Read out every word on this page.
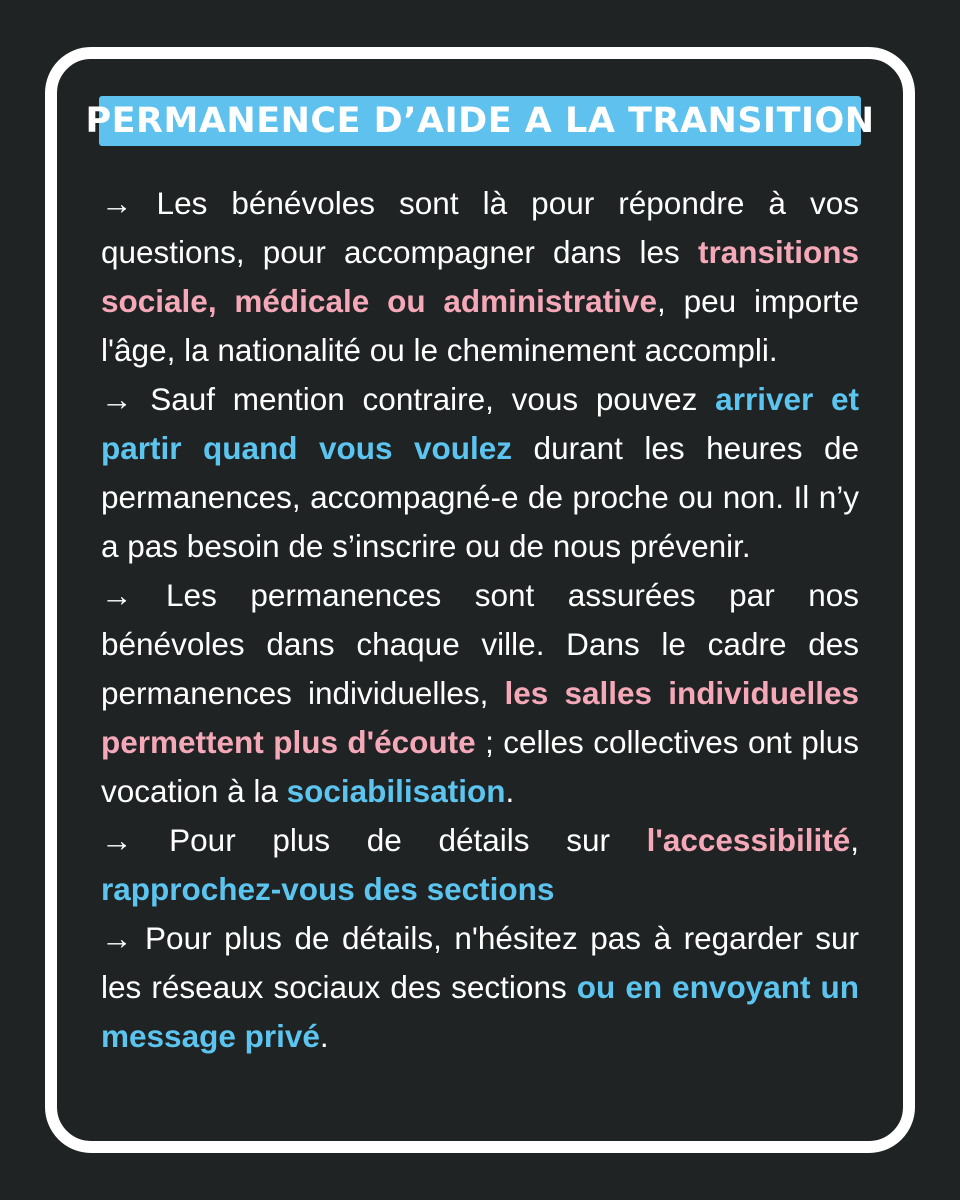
PERMANENCE D’AIDE A LA TRANSITION

→ Les bénévoles sont là pour répondre à vos questions, pour accompagner dans les transitions sociale, médicale ou administrative, peu importe l'âge, la nationalité ou le cheminement accompli.

→ Sauf mention contraire, vous pouvez arriver et partir quand vous voulez durant les heures de permanences, accompagné-e de proche ou non. Il n’y a pas besoin de s’inscrire ou de nous prévenir.

→ Les permanences sont assurées par nos bénévoles dans chaque ville. Dans le cadre des permanences individuelles, les salles individuelles permettent plus d'écoute ; celles collectives ont plus vocation à la sociabilisation.

→ Pour plus de détails sur l'accessibilité, rapprochez-vous des sections

→ Pour plus de détails, n'hésitez pas à regarder sur les réseaux sociaux des sections ou en envoyant un message privé.
